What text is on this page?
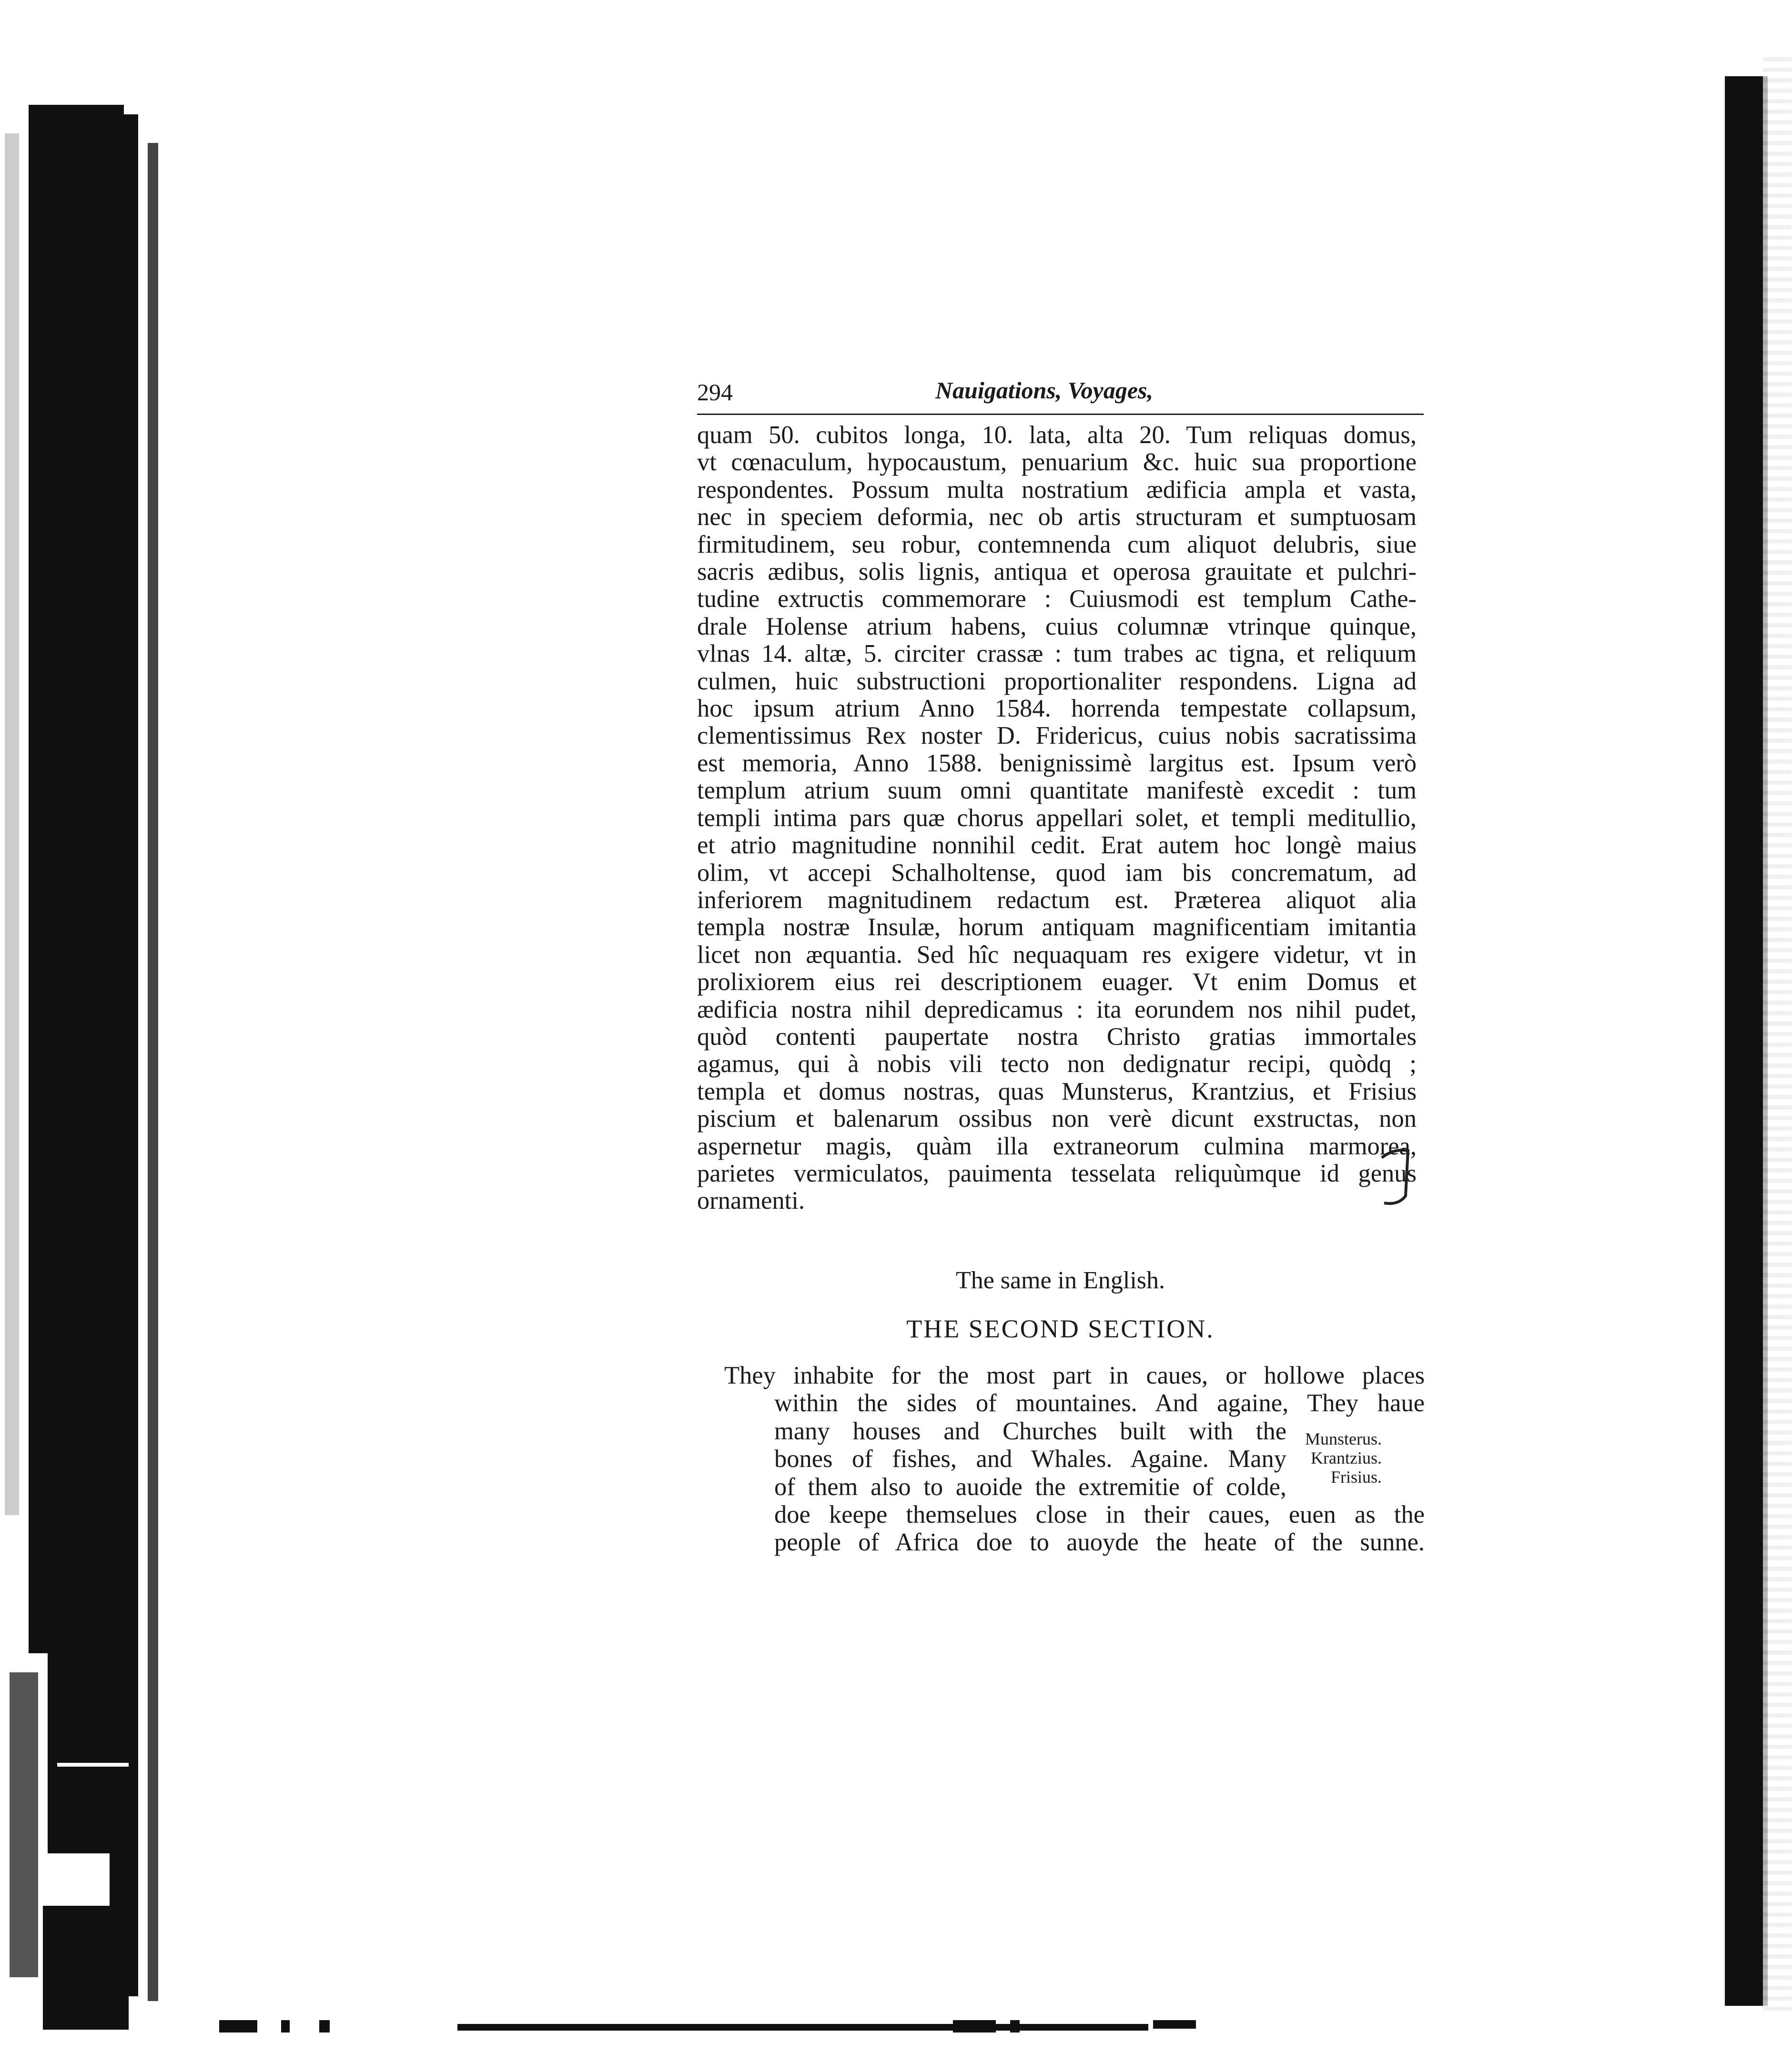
294	Nauigations, Voyages,
quam 50. cubitos longa, 10. lata, alta 20. Tum reliquas domus,
vt cœnaculum, hypocaustum, penuarium &c. huic sua proportione
respondentes. Possum multa nostratium ædificia ampla et vasta,
nec in speciem deformia, nec ob artis structuram et sumptuosam
firmitudinem, seu robur, contemnenda cum aliquot delubris, siue
sacris ædibus, solis lignis, antiqua et operosa grauitate et pulchri-
tudine extructis commemorare : Cuiusmodi est templum Cathe-
drale Holense atrium habens, cuius columnæ vtrinque quinque,
vlnas 14. altæ, 5. circiter crassæ : tum trabes ac tigna, et reliquum
culmen, huic substructioni proportionaliter respondens. Ligna ad
hoc ipsum atrium Anno 1584. horrenda tempestate collapsum,
clementissimus Rex noster D. Fridericus, cuius nobis sacratissima
est memoria, Anno 1588. benignissimè largitus est. Ipsum verò
templum atrium suum omni quantitate manifestè excedit : tum
templi intima pars quæ chorus appellari solet, et templi meditullio,
et atrio magnitudine nonnihil cedit. Erat autem hoc longè maius
olim, vt accepi Schalholtense, quod iam bis concrematum, ad
inferiorem magnitudinem redactum est. Præterea aliquot alia
templa nostræ Insulæ, horum antiquam magnificentiam imitantia
licet non æquantia. Sed hîc nequaquam res exigere videtur, vt in
prolixiorem eius rei descriptionem euager. Vt enim Domus et
ædificia nostra nihil depredicamus : ita eorundem nos nihil pudet,
quòd contenti paupertate nostra Christo gratias immortales
agamus, qui à nobis vili tecto non dedignatur recipi, quòdq ;
templa et domus nostras, quas Munsterus, Krantzius, et Frisius
piscium et balenarum ossibus non verè dicunt exstructas, non
aspernetur magis, quàm illa extraneorum culmina marmorea,
parietes vermiculatos, pauimenta tesselata reliquùmque id genus
ornamenti.
The same in English.
THE SECOND SECTION.
They inhabite for the most part in caues, or hollowe places
within the sides of mountaines. And againe, They haue
many houses and Churches built with the
bones of fishes, and Whales. Againe. Many
of them also to auoide the extremitie of colde,
doe keepe themselues close in their caues, euen as the
people of Africa doe to auoyde the heate of the sunne.
Munsterus.
Krantzius.
Frisius.
